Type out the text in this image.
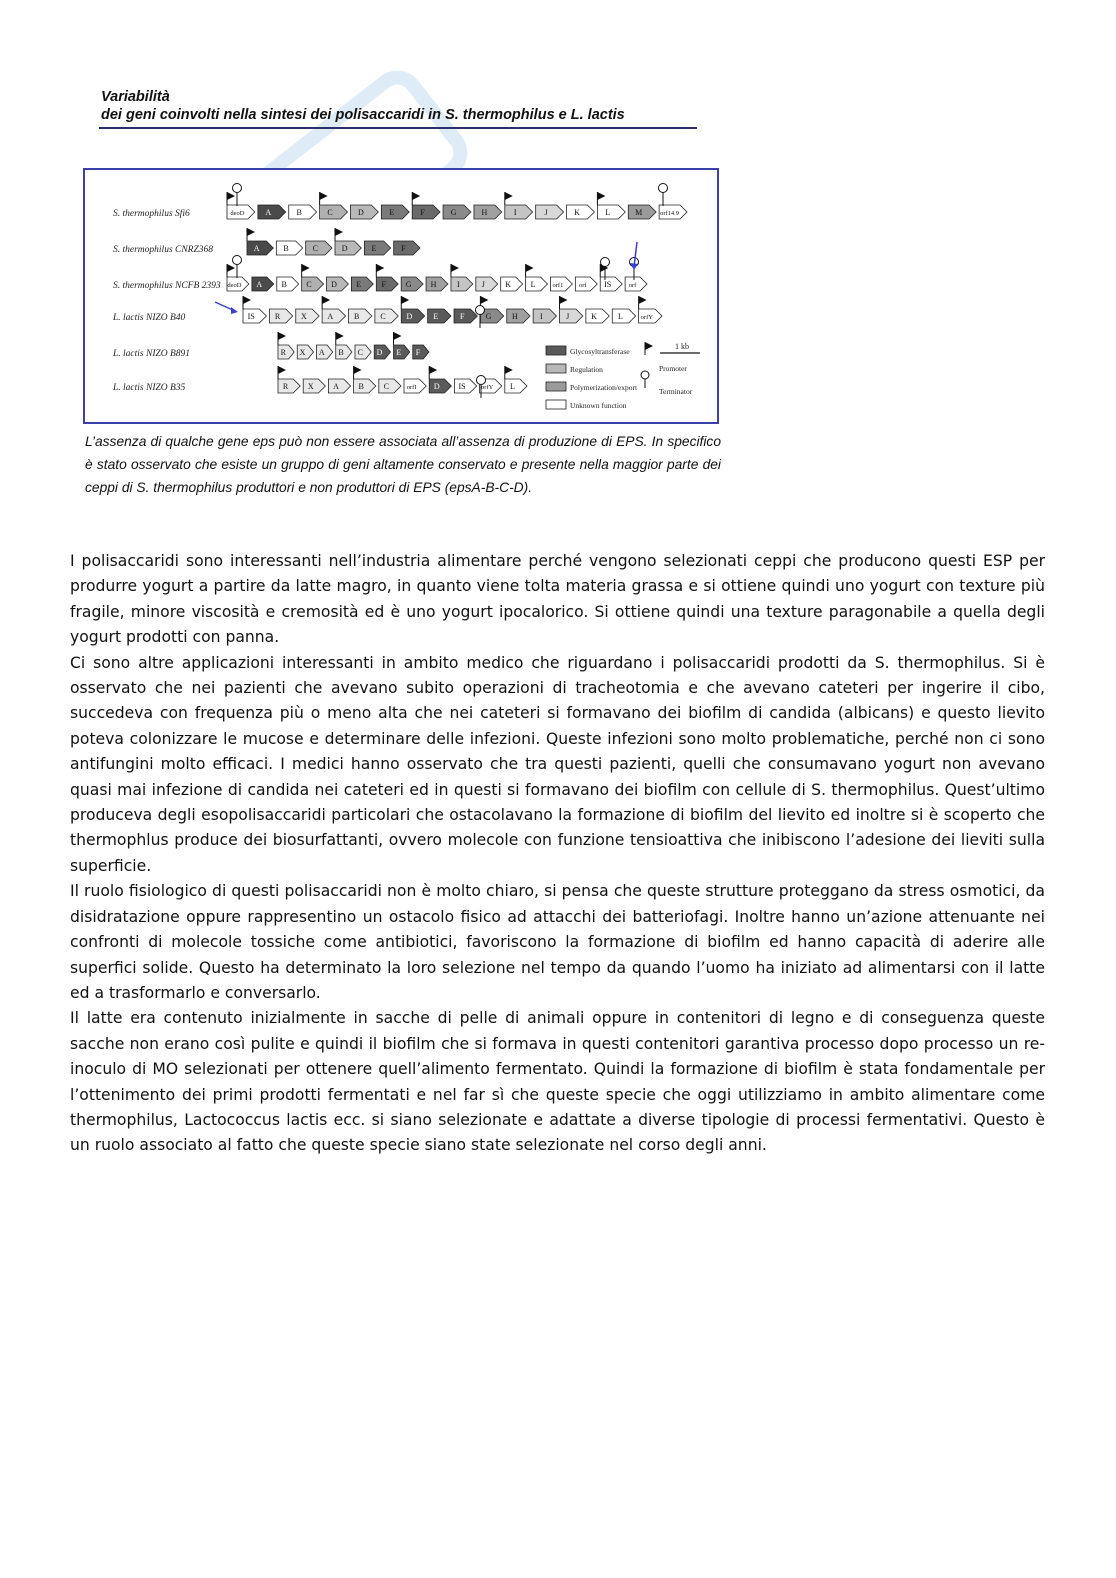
Variabilità
dei geni coinvolti nella sintesi dei polisaccaridi in S. thermophilus e L. lactis
S. thermophilus Sfi6	deoD	A	B	C	D	E	F	G	H	I	J	K	L	M	orf14.9
S. thermophilus CNRZ368	A	B	C	D	E	F
S. thermophilus NCFB 2393 deoD A B C D E	F G H	I	J	K L	orf1 orf IS	orf
L. lactis NIZO B40	IS	R	X	A	B	C	D	E	F	G	H	I	J	K	L	orfY
L. lactis NIZO B891	R X A B C D E F
L. lactis NIZO B35	R X A B C	orfI D IS orfY L
Glycosyltransferase
Regulation
Polymerization/export
Unknown function
Promoter
Terminator
1 kb
L’assenza di qualche gene eps può non essere associata all’assenza di produzione di EPS. In specifico è stato osservato che esiste un gruppo di geni altamente conservato e presente nella maggior parte dei ceppi di S. thermophilus produttori e non produttori di EPS (epsA-B-C-D).

I polisaccaridi sono interessanti nell’industria alimentare perché vengono selezionati ceppi che producono questi ESP per produrre yogurt a partire da latte magro, in quanto viene tolta materia grassa e si ottiene quindi uno yogurt con texture più fragile, minore viscosità e cremosità ed è uno yogurt ipocalorico. Si ottiene quindi una texture paragonabile a quella degli yogurt prodotti con panna.

Ci sono altre applicazioni interessanti in ambito medico che riguardano i polisaccaridi prodotti da S. thermophilus. Si è osservato che nei pazienti che avevano subito operazioni di tracheotomia e che avevano cateteri per ingerire il cibo, succedeva con frequenza più o meno alta che nei cateteri si formavano dei biofilm di candida (albicans) e questo lievito poteva colonizzare le mucose e determinare delle infezioni. Queste infezioni sono molto problematiche, perché non ci sono antifungini molto efficaci. I medici hanno osservato che tra questi pazienti, quelli che consumavano yogurt non avevano quasi mai infezione di candida nei cateteri ed in questi si formavano dei biofilm con cellule di S. thermophilus. Quest’ultimo produceva degli esopolisaccaridi particolari che ostacolavano la formazione di biofilm del lievito ed inoltre si è scoperto che thermophlus produce dei biosurfattanti, ovvero molecole con funzione tensioattiva che inibiscono l’adesione dei lieviti sulla superficie.

Il ruolo fisiologico di questi polisaccaridi non è molto chiaro, si pensa che queste strutture proteggano da stress osmotici, da disidratazione oppure rappresentino un ostacolo fisico ad attacchi dei batteriofagi. Inoltre hanno un’azione attenuante nei confronti di molecole tossiche come antibiotici, favoriscono la formazione di biofilm ed hanno capacità di aderire alle superfici solide. Questo ha determinato la loro selezione nel tempo da quando l’uomo ha iniziato ad alimentarsi con il latte ed a trasformarlo e conversarlo.

Il latte era contenuto inizialmente in sacche di pelle di animali oppure in contenitori di legno e di conseguenza queste sacche non erano così pulite e quindi il biofilm che si formava in questi contenitori garantiva processo dopo processo un re-inoculo di MO selezionati per ottenere quell’alimento fermentato. Quindi la formazione di biofilm è stata fondamentale per l’ottenimento dei primi prodotti fermentati e nel far sì che queste specie che oggi utilizziamo in ambito alimentare come thermophilus, Lactococcus lactis ecc. si siano selezionate e adattate a diverse tipologie di processi fermentativi. Questo è un ruolo associato al fatto che queste specie siano state selezionate nel corso degli anni.
